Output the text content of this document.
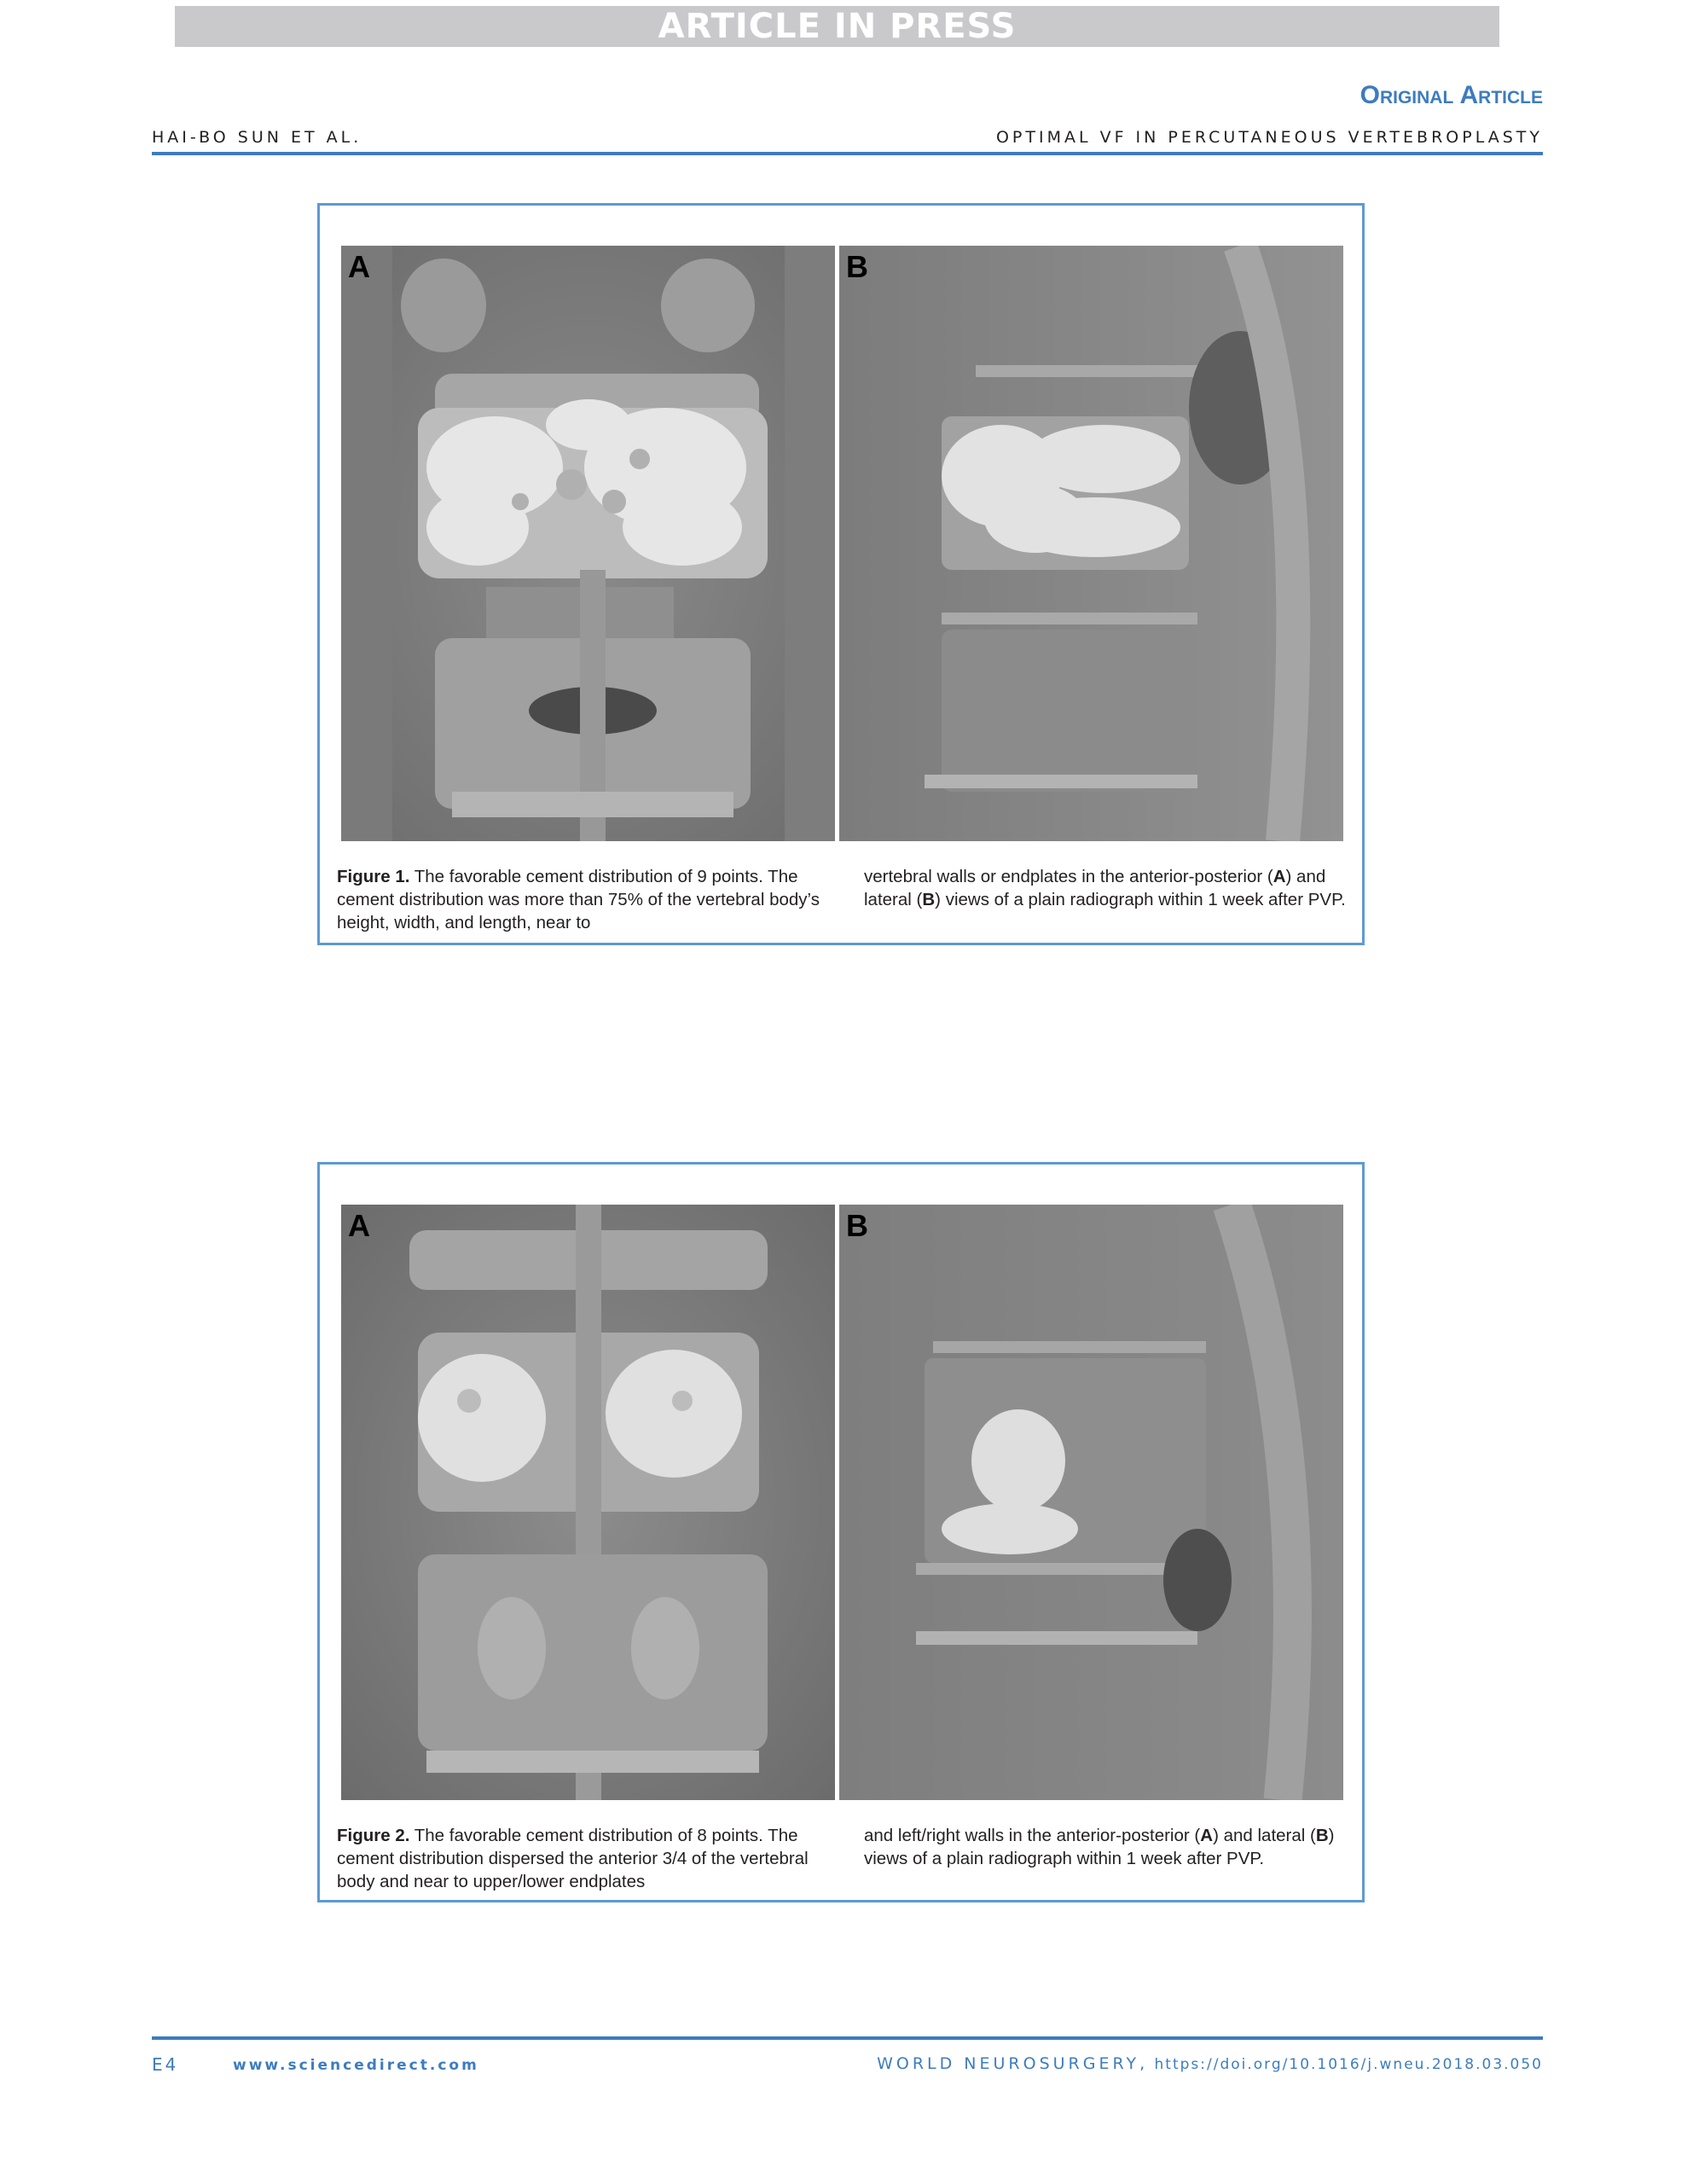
ARTICLE IN PRESS
Original Article
HAI-BO SUN ET AL.	OPTIMAL VF IN PERCUTANEOUS VERTEBROPLASTY
A	B
Figure 1. The favorable cement distribution of 9 points. The cement distribution was more than 75% of the vertebral body’s height, width, and length, near to
vertebral walls or endplates in the anterior-posterior (A) and lateral (B) views of a plain radiograph within 1 week after PVP.
A	B
Figure 2. The favorable cement distribution of 8 points. The cement distribution dispersed the anterior 3/4 of the vertebral body and near to upper/lower endplates
and left/right walls in the anterior-posterior (A) and lateral (B) views of a plain radiograph within 1 week after PVP.
E4	www.sciencedirect.com	WORLD NEUROSURGERY, https://doi.org/10.1016/j.wneu.2018.03.050
